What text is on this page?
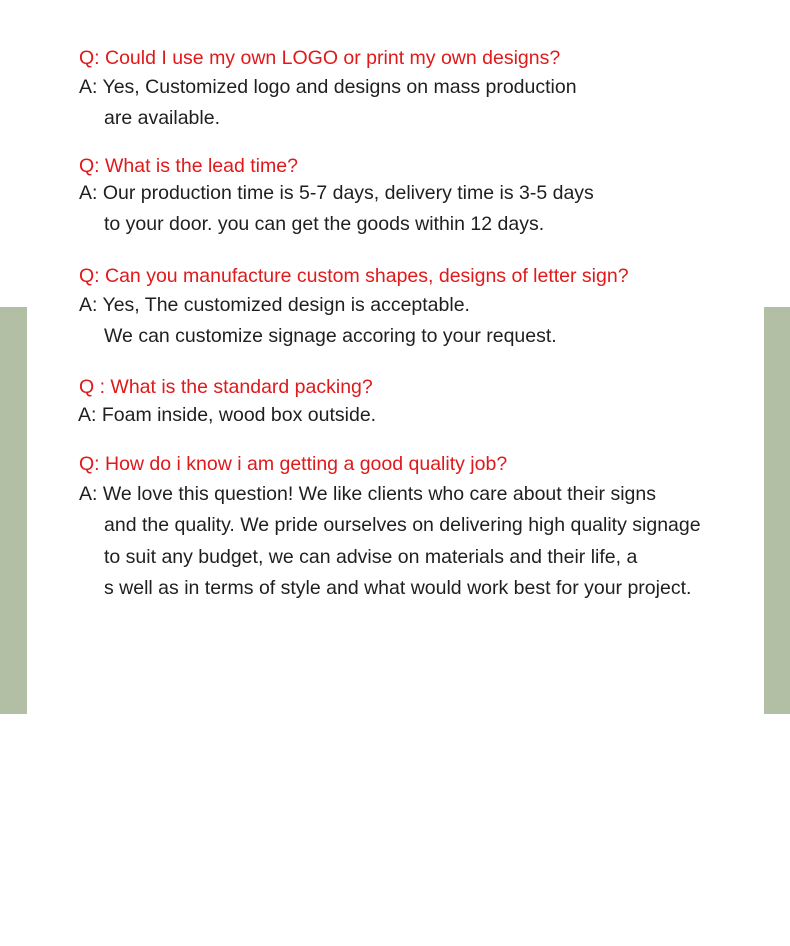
Q: Could I use my own LOGO or print my own designs?
A: Yes, Customized logo and designs on mass production
are available.
Q: What is the lead time?
A: Our production time is 5-7 days, delivery time is 3-5 days
to your door. you can get the goods within 12 days.
Q: Can you manufacture custom shapes, designs of letter sign?
A: Yes, The customized design is acceptable.
We can customize signage accoring to your request.
Q : What is the standard packing?
A: Foam inside, wood box outside.
Q: How do i know i am getting a good quality job?
A: We love this question! We like clients who care about their signs
and the quality. We pride ourselves on delivering high quality signage
to suit any budget, we can advise on materials and their life, a
s well as in terms of style and what would work best for your project.
